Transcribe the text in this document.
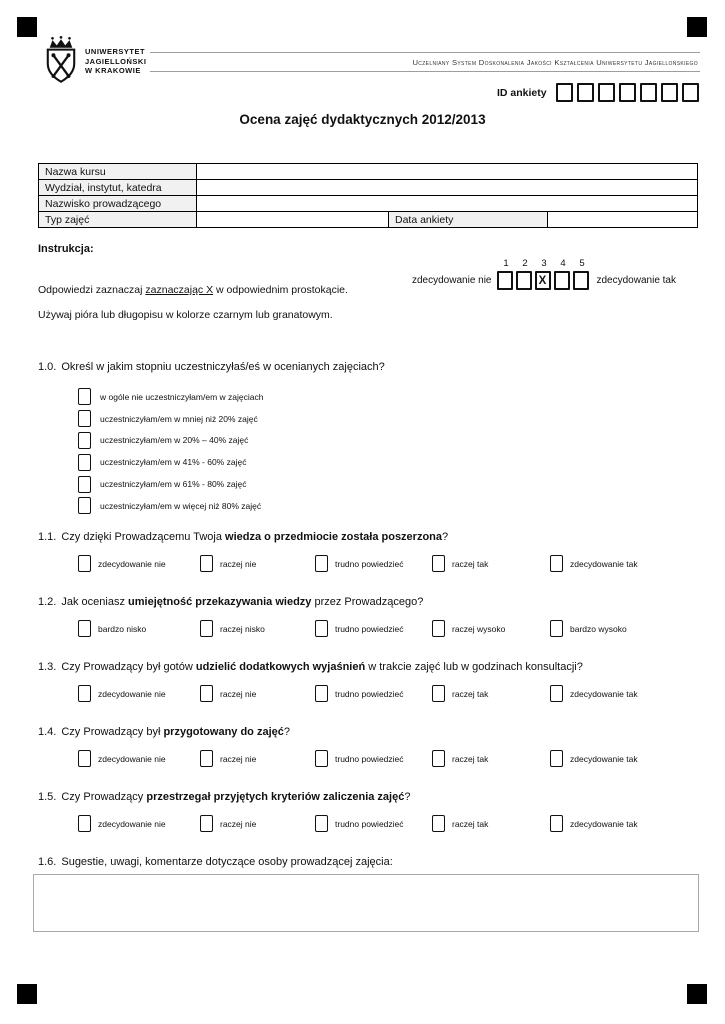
UNIWERSYTET
JAGIELLOŃSKI
W KRAKOWIE
Uczelniany System Doskonalenia Jakości Kształcenia Uniwersytetu Jagiellońskiego
ID ankiety
Ocena zajęć dydaktycznych 2012/2013
Nazwa kursu			
Wydział, instytut, katedra			
Nazwisko prowadzącego			
Typ zajęć		Data ankiety	
Instrukcja:
Odpowiedzi zaznaczaj zaznaczając X w odpowiednim prostokącie.
Używaj pióra lub długopisu w kolorze czarnym lub granatowym.
zdecydowanie nie
1	2	3	4	5
X	zdecydowanie tak
1.0. Określ w jakim stopniu uczestniczyłaś/eś w ocenianych zajęciach?
w ogóle nie uczestniczyłam/em w zajęciach
uczestniczyłam/em w mniej niż 20% zajęć
uczestniczyłam/em w 20% – 40% zajęć
uczestniczyłam/em w 41% - 60% zajęć
uczestniczyłam/em w 61% - 80% zajęć
uczestniczyłam/em w więcej niż 80% zajęć
1.1. Czy dzięki Prowadzącemu Twoja wiedza o przedmiocie została poszerzona?
zdecydowanie nie	raczej nie	trudno powiedzieć	raczej tak	zdecydowanie tak
1.2. Jak oceniasz umiejętność przekazywania wiedzy przez Prowadzącego?
bardzo nisko	raczej nisko	trudno powiedzieć	raczej wysoko	bardzo wysoko
1.3. Czy Prowadzący był gotów udzielić dodatkowych wyjaśnień w trakcie zajęć lub w godzinach konsultacji?
zdecydowanie nie	raczej nie	trudno powiedzieć	raczej tak	zdecydowanie tak
1.4. Czy Prowadzący był przygotowany do zajęć?
zdecydowanie nie	raczej nie	trudno powiedzieć	raczej tak	zdecydowanie tak
1.5. Czy Prowadzący przestrzegał przyjętych kryteriów zaliczenia zajęć?
zdecydowanie nie	raczej nie	trudno powiedzieć	raczej tak	zdecydowanie tak
1.6. Sugestie, uwagi, komentarze dotyczące osoby prowadzącej zajęcia:
